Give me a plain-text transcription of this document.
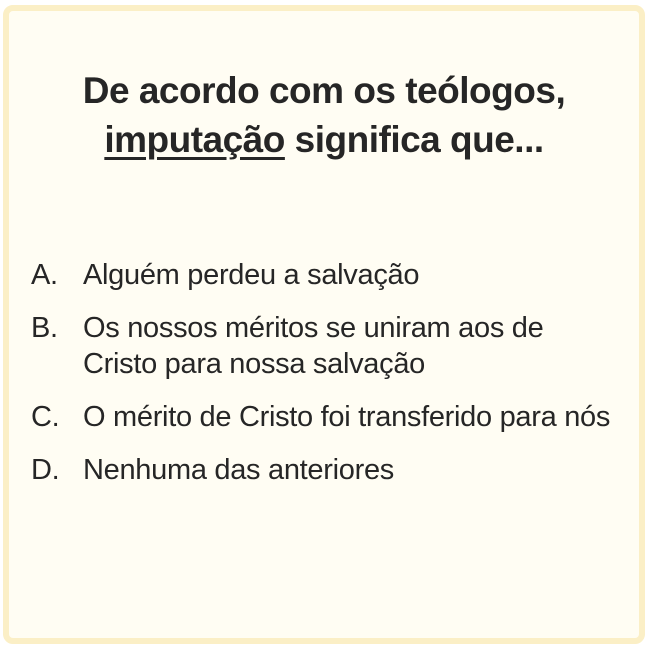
De acordo com os teólogos,
imputação significa que...
A. Alguém perdeu a salvação
B. Os nossos méritos se uniram aos de Cristo para nossa salvação
C. O mérito de Cristo foi transferido para nós
D. Nenhuma das anteriores
